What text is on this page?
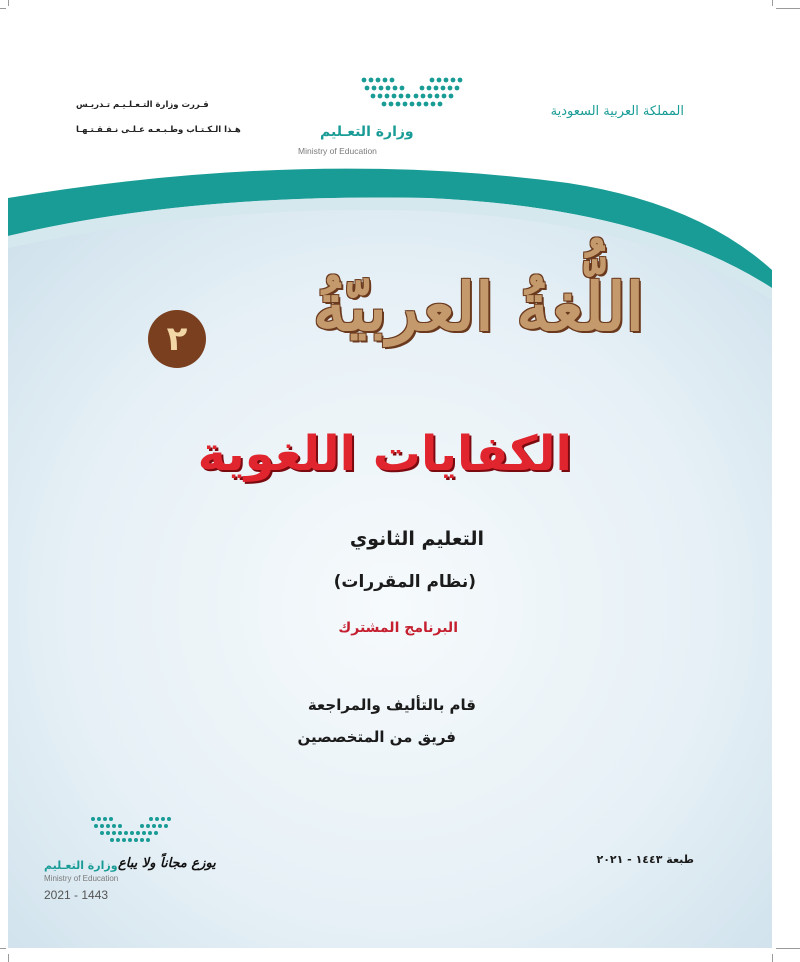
المملكة العربية السعودية
قـررت وزارة التـعـلـيـم تـدريـس
هـذا الـكـتـاب وطـبـعـه عـلـى نـفـقـتـهـا	وزارة التعـليم
Ministry of Education
اللُّغةُ العربيّةُ
٢
الكفايات اللغوية
التعليم الثانوي
(نظام المقررات)
البرنامج المشترك
قام بالتأليف والمراجعة
فريق من المتخصصين
طبعة ١٤٤٣ - ٢٠٢١
يوزع مجاناً ولا يباع
وزارة التعـليم
Ministry of Education
2021 - 1443
